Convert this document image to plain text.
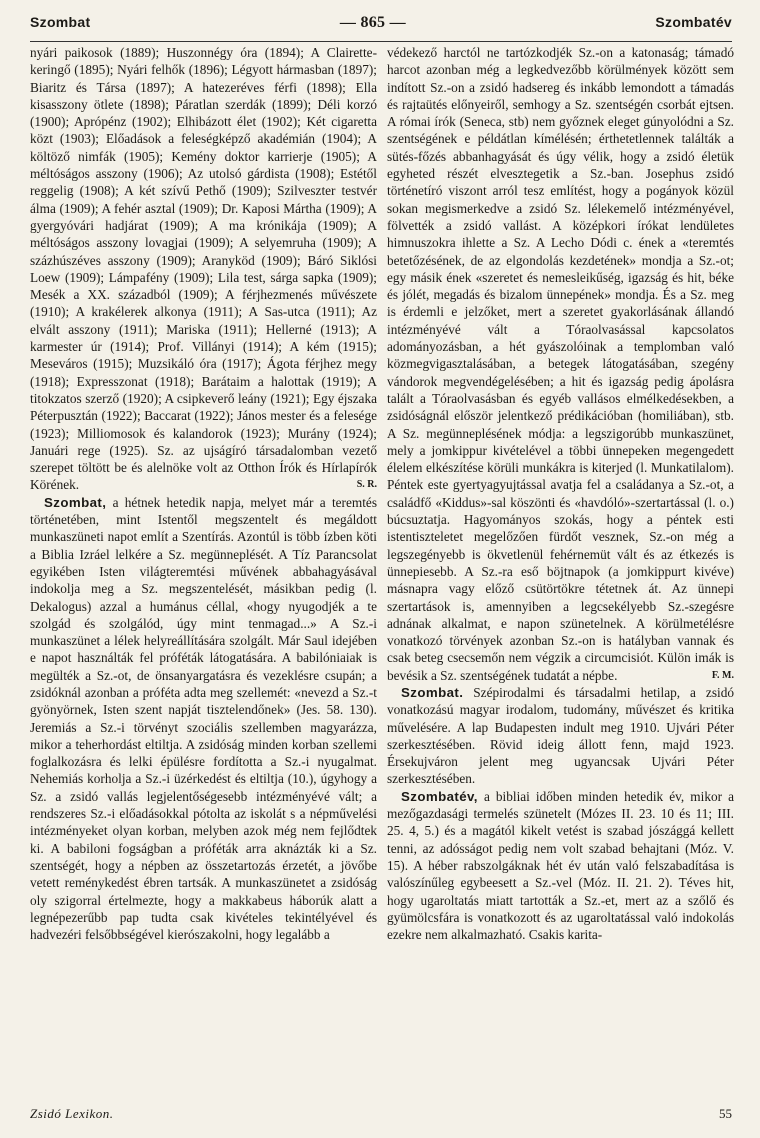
Szombat	— 865 —	Szombatév

nyári paikosok (1889); Huszonnégy óra (1894); A Clairette-keringő (1895); Nyári felhők (1896); Légyott hármasban (1897); Biaritz és Társa (1897); A hatezeréves férfi (1898); Ella kisasszony ötlete (1898); Páratlan szerdák (1899); Déli korzó (1900); Aprópénz (1902); Elhibázott élet (1902); Két cigaretta közt (1903); Előadások a feleségképző akadémián (1904); A költöző nimfák (1905); Kemény doktor karrierje (1905); A méltóságos asszony (1906); Az utolsó gárdista (1908); Estétől reggelig (1908); A két szívű Pethő (1909); Szilveszter testvér álma (1909); A fehér asztal (1909); Dr. Kaposi Mártha (1909); A gyergyóvári hadjárat (1909); A ma krónikája (1909); A méltóságos asszony lovagjai (1909); A selyemruha (1909); A százhúszéves asszony (1909); Aranyköd (1909); Báró Siklósi Loew (1909); Lámpafény (1909); Lila test, sárga sapka (1909); Mesék a XX. századból (1909); A férjhezmenés művészete (1910); A krakélerek alkonya (1911); A Sas-utca (1911); Az elvált asszony (1911); Mariska (1911); Hellerné (1913); A karmester úr (1914); Prof. Villányi (1914); A kém (1915); Meseváros (1915); Muzsikáló óra (1917); Ágota férjhez megy (1918); Expresszonat (1918); Barátaim a halottak (1919); A titokzatos szerző (1920); A csipkeverő leány (1921); Egy éjszaka Péterpusztán (1922); Baccarat (1922); János mester és a felesége (1923); Milliomosok és kalandorok (1923); Murány (1924); Januári rege (1925). Sz. az ujságíró társadalomban vezető szerepet töltött be és alelnöke volt az Otthon Írók és Hírlapírók Körének.	S. R.

Szombat, a hétnek hetedik napja, melyet már a teremtés történetében, mint Istentől megszentelt és megáldott munkaszüneti napot említ a Szentírás. Azontúl is több ízben köti a Biblia Izráel lelkére a Sz. megünneplését. A Tíz Parancsolat egyikében Isten világteremtési művének abbahagyásával indokolja meg a Sz. megszentelését, másikban pedig (l. Dekalogus) azzal a humánus céllal, «hogy nyugodjék a te szolgád és szolgálód, úgy mint tenmagad...» A Sz.-i munkaszünet a lélek helyreállítására szolgált. Már Saul idejében e napot használták fel próféták látogatására. A babilóniaiak is megülték a Sz.-ot, de önsanyargatásra és vezeklésre csupán; a zsidóknál azonban a próféta adta meg szellemét: «nevezd a Sz.-t gyönyörnek, Isten szent napját tisztelendőnek» (Jes. 58. 130). Jeremiás a Sz.-i törvényt szociális szellemben magyarázza, mikor a teherhordást eltiltja. A zsidóság minden korban szellemi foglalkozásra és lelki épülésre fordította a Sz.-i nyugalmat. Nehemiás korholja a Sz.-i üzérkedést és eltiltja (10.), úgyhogy a Sz. a zsidó vallás legjelentőségesebb intézményévé vált; a rendszeres Sz.-i előadásokkal pótolta az iskolát s a népművelési intézményeket olyan korban, melyben azok még nem fejlődtek ki. A babiloni fogságban a próféták arra aknázták ki a Sz. szentségét, hogy a népben az összetartozás érzetét, a jövőbe vetett reménykedést ébren tartsák. A munkaszünetet a zsidóság oly szigorral értelmezte, hogy a makkabeus háborúk alatt a legnépezerűbb pap tudta csak kivételes tekintélyével és hadvezéri felsőbbségével kierószakolni, hogy legalább a

védekező harctól ne tartózkodjék Sz.-on a katonaság; támadó harcot azonban még a legkedvezőbb körülmények között sem indított Sz.-on a zsidó hadsereg és inkább lemondott a támadás és rajtaütés előnyeiről, semhogy a Sz. szentségén csorbát ejtsen. A római írók (Seneca, stb) nem győznek eleget gúnyolódni a Sz. szentségének e példátlan kímélésén; érthetetlennek találták a sütés-főzés abbanhagyását és úgy vélik, hogy a zsidó életük egyheted részét elvesztegetik a Sz.-ban. Josephus zsidó történetíró viszont arról tesz említést, hogy a pogányok közül sokan megismerkedve a zsidó Sz. lélekemelő intézményével, fölvették a zsidó vallást. A középkori írókat lendületes himnuszokra ihlette a Sz. A Lecho Dódi c. ének a «teremtés betetőzésének, de az elgondolás kezdetének» mondja a Sz.-ot; egy másik ének «szeretet és nemesleikűség, igazság és hit, béke és jólét, megadás és bizalom ünnepének» mondja. És a Sz. meg is érdemli e jelzőket, mert a szeretet gyakorlásának állandó intézményévé vált a Tóraolvasással kapcsolatos adományozásban, a hét gyászolóinak a templomban való közmegvigasztalásában, a betegek látogatásában, szegény vándorok megvendégelésében; a hit és igazság pedig ápolásra talált a Tóraolvasásban és egyéb vallásos elmélkedésekben, a zsidóságnál először jelentkező prédikációban (homiliában), stb. A Sz. megünneplésének módja: a legszigorúbb munkaszünet, mely a jomkippur kivételével a többi ünnepeken megengedett élelem elkészítése körüli munkákra is kiterjed (l. Munkatilalom). Péntek este gyertyagyujtással avatja fel a családanya a Sz.-ot, a családfő «Kiddus»-sal köszönti és «havdóló»-szertartással (l. o.) búcsuztatja. Hagyományos szokás, hogy a péntek esti istentiszteletet megelőzően fürdőt vesznek, Sz.-on még a legszegényebb is ökvetlenül fehérnemüt vált és az étkezés is ünnepiesebb. A Sz.-ra eső böjtnapok (a jomkippurt kivéve) másnapra vagy előző csütörtökre tétetnek át. Az ünnepi szertartások is, amennyiben a legcsekélyebb Sz.-szegésre adnának alkalmat, e napon szünetelnek. A körülmetélésre vonatkozó törvények azonban Sz.-on is hatályban vannak és csak beteg csecsemőn nem végzik a circumcisiót. Külön imák is bevésik a Sz. szentségének tudatát a népbe.	F. M.

Szombat. Szépirodalmi és társadalmi hetilap, a zsidó vonatkozású magyar irodalom, tudomány, művészet és kritika művelésére. A lap Budapesten indult meg 1910. Ujvári Péter szerkesztésében. Rövid ideig állott fenn, majd 1923. Érsekujváron jelent meg ugyancsak Ujvári Péter szerkesztésében.

Szombatév, a bibliai időben minden hetedik év, mikor a mezőgazdasági termelés szünetelt (Mózes II. 23. 10 és 11; III. 25. 4, 5.) és a magától kikelt vetést is szabad jószággá kellett tenni, az adósságot pedig nem volt szabad behajtani (Móz. V. 15). A héber rabszolgáknak hét év után való felszabadítása is valószínűleg egybeesett a Sz.-vel (Móz. II. 21. 2). Téves hit, hogy ugaroltatás miatt tartották a Sz.-et, mert az a szőlő és gyümölcsfára is vonatkozott és az ugaroltatással való indokolás ezekre nem alkalmazható. Csakis karita-

Zsidó Lexikon.	55
